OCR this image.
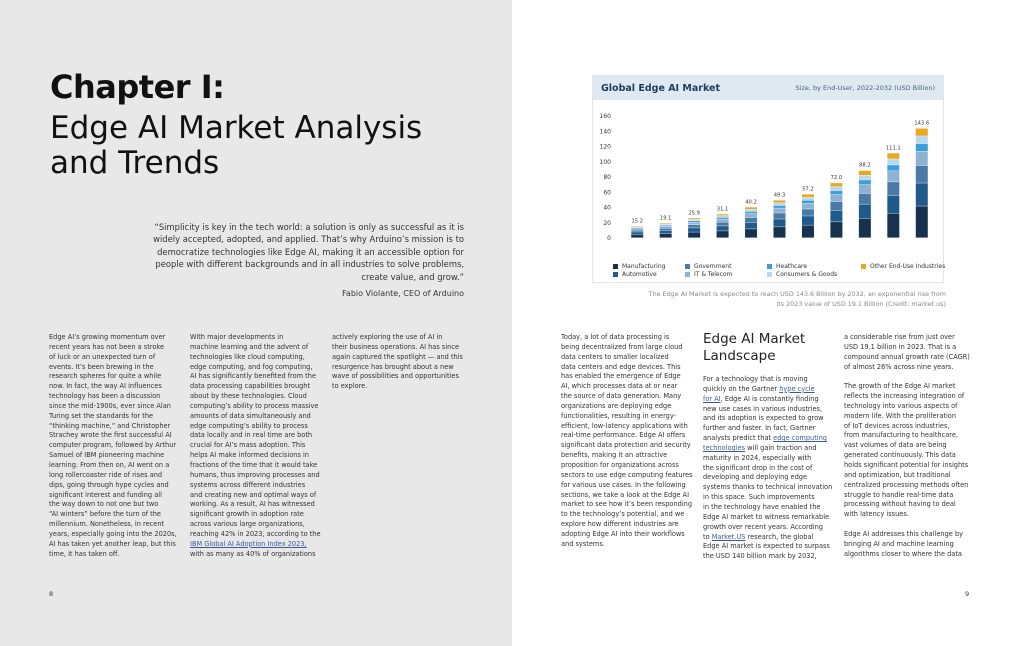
Chapter I:
Edge AI Market Analysis and Trends
“Simplicity is key in the tech world: a solution is only as successful as it is widely accepted, adopted, and applied. That’s why Arduino’s mission is to democratize technologies like Edge AI, making it an accessible option for people with different backgrounds and in all industries to solve problems, create value, and grow.”
Fabio Violante, CEO of Arduino
Edge AI’s growing momentum over
recent years has not been a stroke
of luck or an unexpected turn of
events. It’s been brewing in the
research spheres for quite a while
now. In fact, the way AI influences
technology has been a discussion
since the mid-1900s, ever since Alan
Turing set the standards for the
“thinking machine,” and Christopher
Strachey wrote the first successful AI
computer program, followed by Arthur
Samuel of IBM pioneering machine
learning. From then on, AI went on a
long rollercoaster ride of rises and
dips, going through hype cycles and
significant interest and funding all
the way down to not one but two
“AI winters” before the turn of the
millennium. Nonetheless, in recent
years, especially going into the 2020s,
AI has taken yet another leap, but this
time, it has taken off.
With major developments in
machine learning and the advent of
technologies like cloud computing,
edge computing, and fog computing,
AI has significantly benefited from the
data processing capabilities brought
about by these technologies. Cloud
computing’s ability to process massive
amounts of data simultaneously and
edge computing’s ability to process
data locally and in real time are both
crucial for AI’s mass adoption. This
helps AI make informed decisions in
fractions of the time that it would take
humans, thus improving processes and
systems across different industries
and creating new and optimal ways of
working. As a result, AI has witnessed
significant growth in adoption rate
across various large organizations,
reaching 42% in 2023, according to the
IBM Global AI Adoption Index 2023,
with as many as 40% of organizations
actively exploring the use of AI in
their business operations. AI has since
again captured the spotlight — and this
resurgence has brought about a new
wave of possibilities and opportunities
to explore.
8
Today, a lot of data processing is
being decentralized from large cloud
data centers to smaller localized
data centers and edge devices. This
has enabled the emergence of Edge
AI, which processes data at or near
the source of data generation. Many
organizations are deploying edge
functionalities, resulting in energy-
efficient, low-latency applications with
real-time performance. Edge AI offers
significant data protection and security
benefits, making it an attractive
proposition for organizations across
sectors to use edge computing features
for various use cases. In the following
sections, we take a look at the Edge AI
market to see how it’s been responding
to the technology’s potential, and we
explore how different industries are
adopting Edge AI into their workflows
and systems.
For a technology that is moving
quickly on the Gartner hype cycle
for AI, Edge AI is constantly finding
new use cases in various industries,
and its adoption is expected to grow
further and faster. In fact, Gartner
analysts predict that edge computing
technologies will gain traction and
maturity in 2024, especially with
the significant drop in the cost of
developing and deploying edge
systems thanks to technical innovation
in this space. Such improvements
in the technology have enabled the
Edge AI market to witness remarkable
growth over recent years. According
to Market.US research, the global
Edge AI market is expected to surpass
the USD 140 billion mark by 2032,
a considerable rise from just over
USD 19.1 billion in 2023. That is a
compound annual growth rate (CAGR)
of almost 26% across nine years.

The growth of the Edge AI market
reflects the increasing integration of
technology into various aspects of
modern life. With the proliferation
of IoT devices across industries,
from manufacturing to healthcare,
vast volumes of data are being
generated continuously. This data
holds significant potential for insights
and optimization, but traditional
centralized processing methods often
struggle to handle real-time data
processing without having to deal
with latency issues.

Edge AI addresses this challenge by
bringing AI and machine learning
algorithms closer to where the data
9
Edge AI Market
Landscape
Global Edge AI Market	Size, by End-User, 2022-2032 (USD Billion)
0
20
40
60
80
100
120
140
160
15.2	19.1
25.9
31.1
40.2
49.3
57.2
72.0
88.2
111.1
143.6
Manufacturing
Automotive
Government
IT & Telecom
Heathcare
Consumers & Goods
Other End-Use Industries
The Edge AI Market is expected to reach USD 143.6 Billion by 2032, an exponential rise from its 2023 value of USD 19.1 Billion (Credit: market.us)
